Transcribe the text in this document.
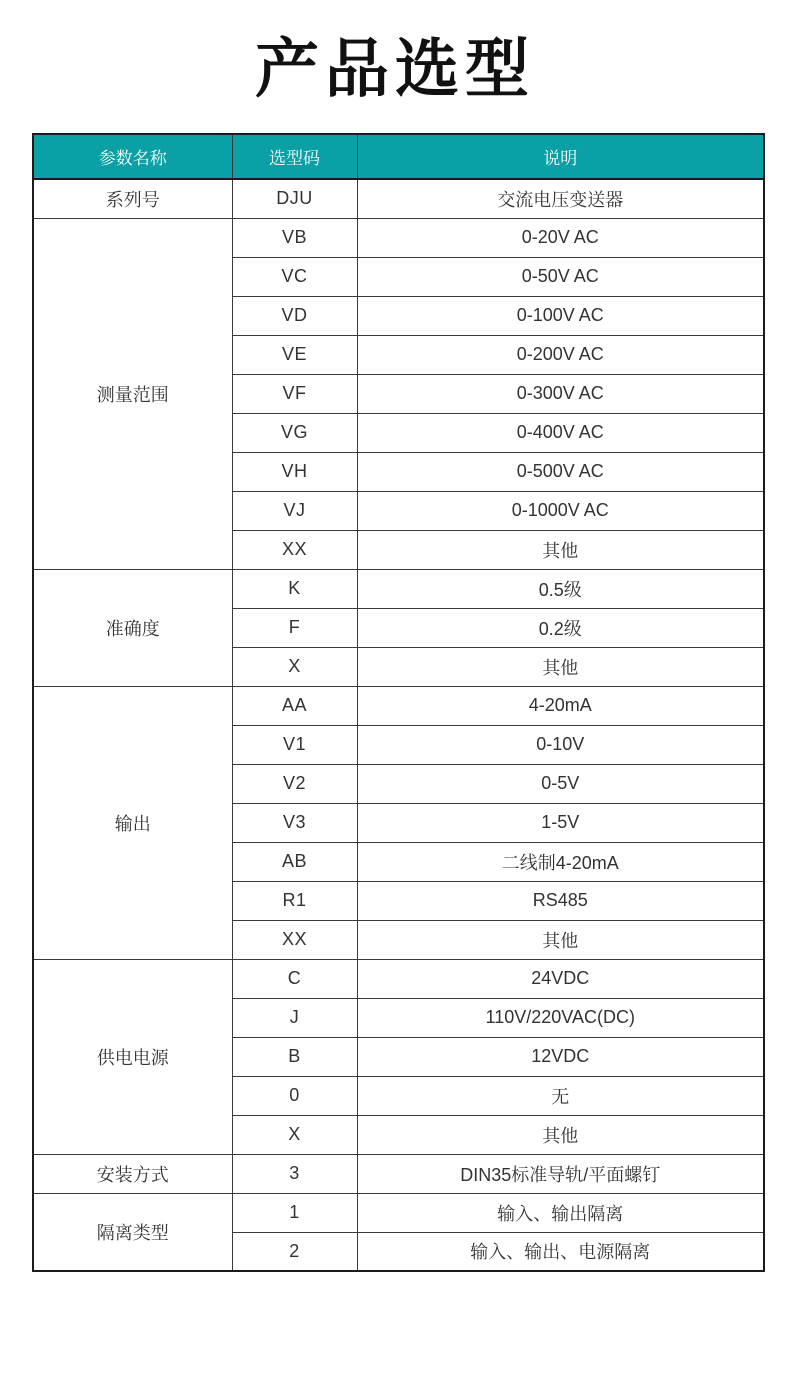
产品选型
参数名称	选型码	说明
系列号	DJU	交流电压变送器
测量范围	VB	0-20V AC
	VC	0-50V AC
	VD	0-100V AC
	VE	0-200V AC
	VF	0-300V AC
	VG	0-400V AC
	VH	0-500V AC
	VJ	0-1000V AC
	XX	其他
准确度	K	0.5级
	F	0.2级
	X	其他
输出	AA	4-20mA
	V1	0-10V
	V2	0-5V
	V3	1-5V
	AB	二线制4-20mA
	R1	RS485
	XX	其他
供电电源	C	24VDC
	J	110V/220VAC(DC)
	B	12VDC
	0	无
	X	其他
安装方式	3	DIN35标准导轨/平面螺钉
隔离类型	1	输入、输出隔离
	2	输入、输出、电源隔离
